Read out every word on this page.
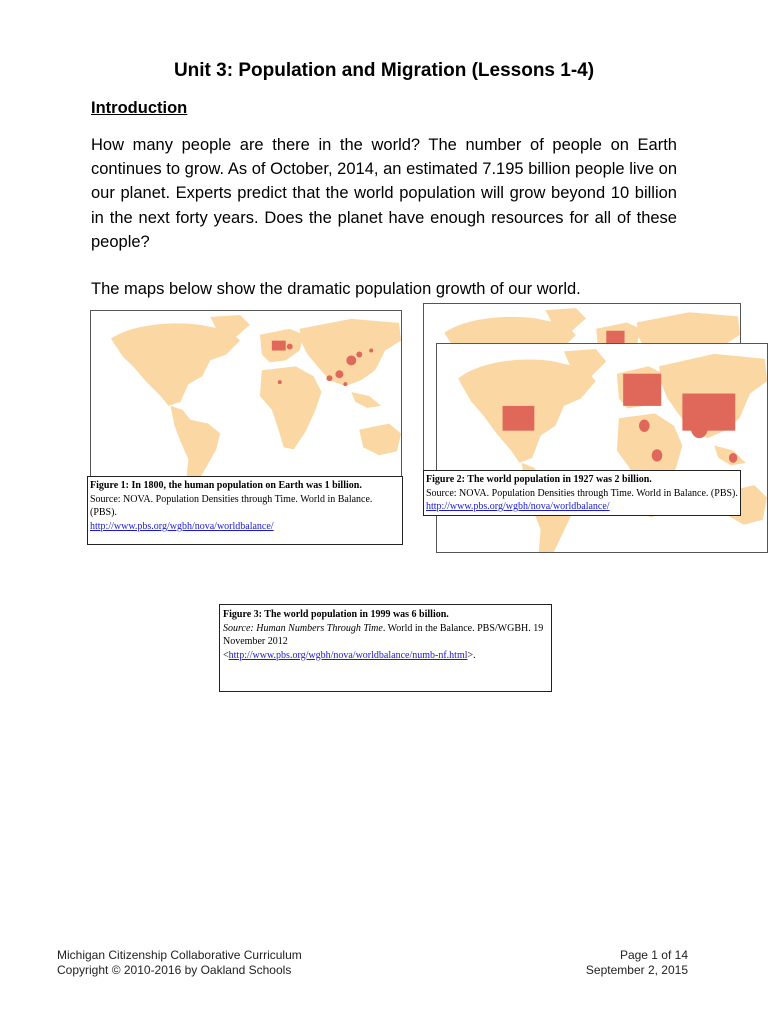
Unit 3: Population and Migration (Lessons 1-4)
Introduction

How many people are there in the world? The number of people on Earth continues to grow. As of October, 2014, an estimated 7.195 billion people live on our planet. Experts predict that the world population will grow beyond 10 billion in the next forty years. Does the planet have enough resources for all of these people?

The maps below show the dramatic population growth of our world.
Figure 2: The world population in 1927 was 2 billion.
Source: NOVA. Population Densities through Time. World in Balance. (PBS). http://www.pbs.org/wgbh/nova/worldbalance/
Figure 1: In 1800, the human population on Earth was 1 billion.
Source: NOVA. Population Densities through Time. World in Balance. (PBS).
http://www.pbs.org/wgbh/nova/worldbalance/
Figure 3: The world population in 1999 was 6 billion.
Source: Human Numbers Through Time. World in the Balance. PBS/WGBH. 19 November 2012
<http://www.pbs.org/wgbh/nova/worldbalance/numb-nf.html>.
Michigan Citizenship Collaborative Curriculum
Copyright © 2010-2016 by Oakland Schools
Page 1 of 14
September 2, 2015
